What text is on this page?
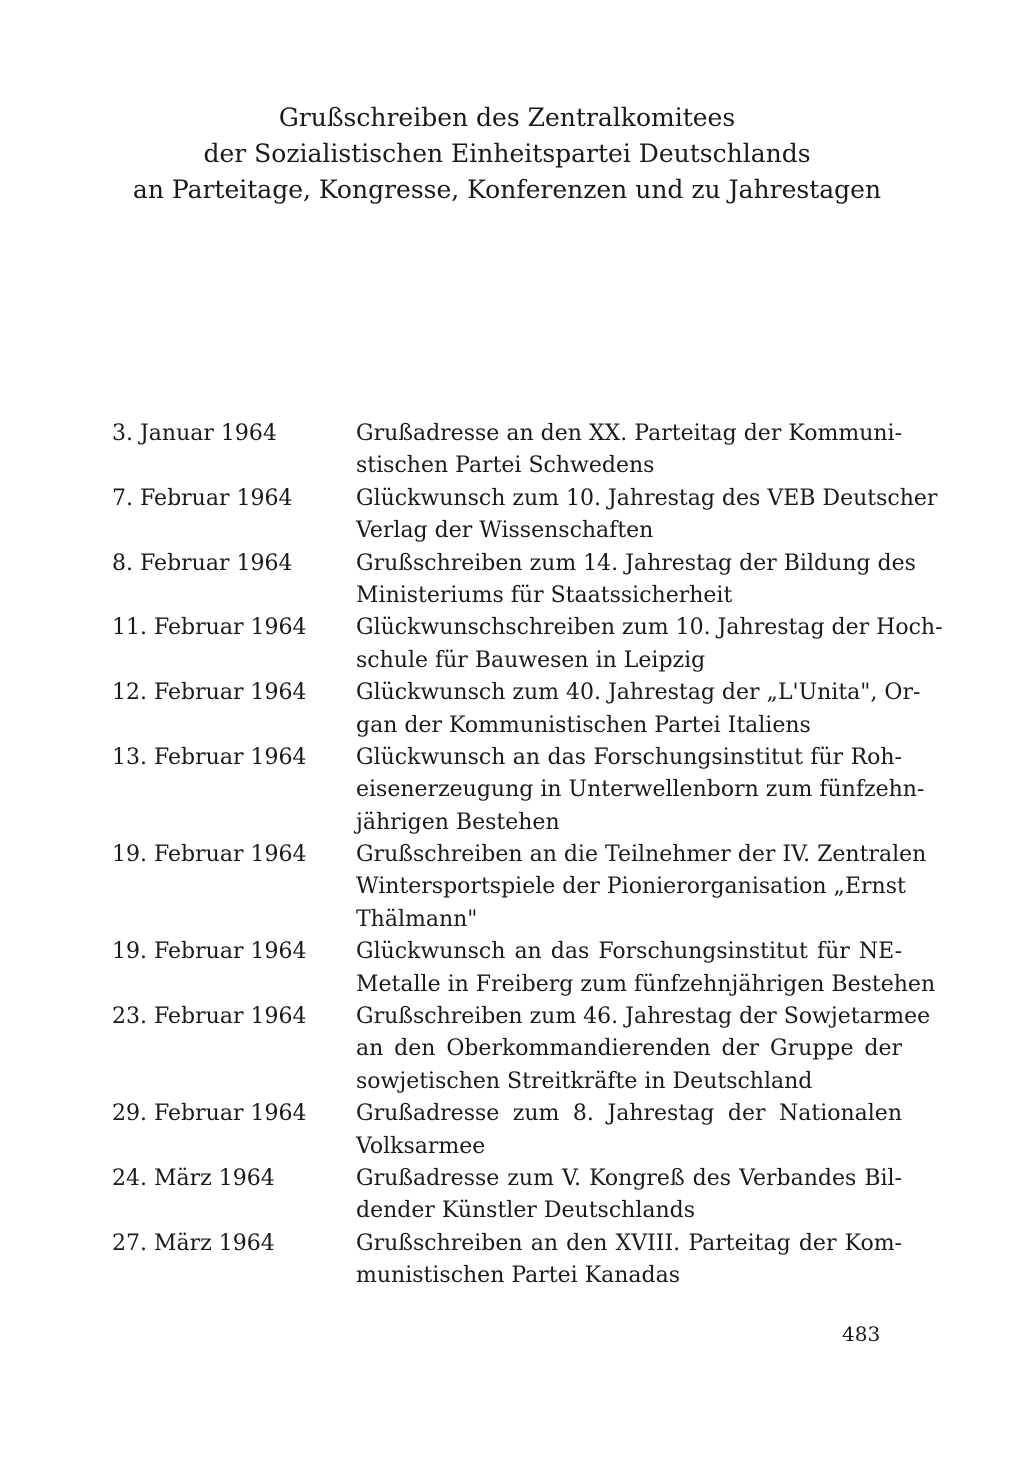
Grußschreiben des Zentralkomitees
der Sozialistischen Einheitspartei Deutschlands
an Parteitage, Kongresse, Konferenzen und zu Jahrestagen
3. Januar 1964	Grußadresse an den XX. Parteitag der Kommuni-
stischen Partei Schwedens
7. Februar 1964	Glückwunsch zum 10. Jahrestag des VEB Deutscher
Verlag der Wissenschaften
8. Februar 1964	Grußschreiben zum 14. Jahrestag der Bildung des
Ministeriums für Staatssicherheit
11. Februar 1964	Glückwunschschreiben zum 10. Jahrestag der Hoch-
schule für Bauwesen in Leipzig
12. Februar 1964	Glückwunsch zum 40. Jahrestag der „L'Unita", Or-
gan der Kommunistischen Partei Italiens
13. Februar 1964	Glückwunsch an das Forschungsinstitut für Roh-
eisenerzeugung in Unterwellenborn zum fünfzehn-
jährigen Bestehen
19. Februar 1964	Grußschreiben an die Teilnehmer der IV. Zentralen
Wintersportspiele der Pionierorganisation „Ernst
Thälmann"
19. Februar 1964	Glückwunsch an das Forschungsinstitut für NE-
Metalle in Freiberg zum fünfzehnjährigen Bestehen
23. Februar 1964	Grußschreiben zum 46. Jahrestag der Sowjetarmee
an den Oberkommandierenden der Gruppe der
sowjetischen Streitkräfte in Deutschland
29. Februar 1964	Grußadresse zum 8. Jahrestag der Nationalen
Volksarmee
24. März 1964	Grußadresse zum V. Kongreß des Verbandes Bil-
dender Künstler Deutschlands
27. März 1964	Grußschreiben an den XVIII. Parteitag der Kom-
munistischen Partei Kanadas
483
